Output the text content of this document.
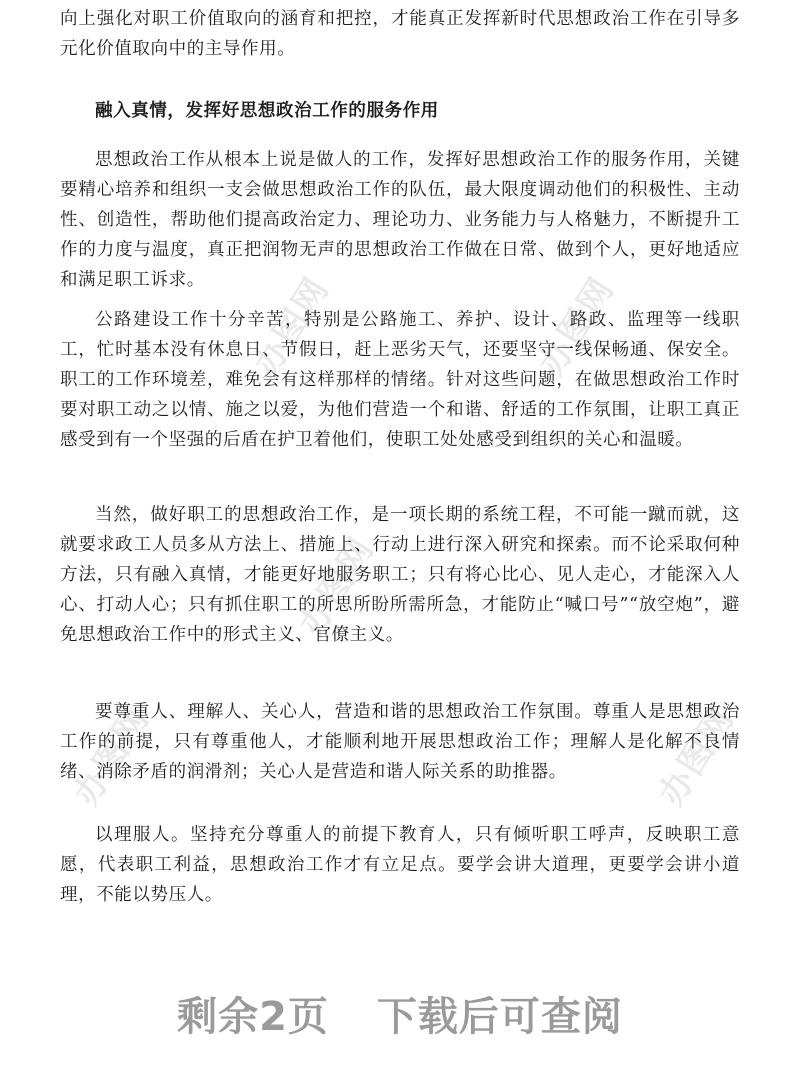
办图网	办图网
办图网
办图网	办图网

向上强化对职工价值取向的涵育和把控，才能真正发挥新时代思想政治工作在引导多元化价值取向中的主导作用。

融入真情，发挥好思想政治工作的服务作用

思想政治工作从根本上说是做人的工作，发挥好思想政治工作的服务作用，关键要精心培养和组织一支会做思想政治工作的队伍，最大限度调动他们的积极性、主动性、创造性，帮助他们提高政治定力、理论功力、业务能力与人格魅力，不断提升工作的力度与温度，真正把润物无声的思想政治工作做在日常、做到个人，更好地适应和满足职工诉求。

公路建设工作十分辛苦，特别是公路施工、养护、设计、路政、监理等一线职工，忙时基本没有休息日、节假日，赶上恶劣天气，还要坚守一线保畅通、保安全。职工的工作环境差，难免会有这样那样的情绪。针对这些问题，在做思想政治工作时要对职工动之以情、施之以爱，为他们营造一个和谐、舒适的工作氛围，让职工真正感受到有一个坚强的后盾在护卫着他们，使职工处处感受到组织的关心和温暖。

当然，做好职工的思想政治工作，是一项长期的系统工程，不可能一蹴而就，这就要求政工人员多从方法上、措施上、行动上进行深入研究和探索。而不论采取何种方法，只有融入真情，才能更好地服务职工；只有将心比心、见人走心，才能深入人心、打动人心；只有抓住职工的所思所盼所需所急，才能防止“喊口号”“放空炮”，避免思想政治工作中的形式主义、官僚主义。

要尊重人、理解人、关心人，营造和谐的思想政治工作氛围。尊重人是思想政治工作的前提，只有尊重他人，才能顺利地开展思想政治工作；理解人是化解不良情绪、消除矛盾的润滑剂；关心人是营造和谐人际关系的助推器。

以理服人。坚持充分尊重人的前提下教育人，只有倾听职工呼声，反映职工意愿，代表职工利益，思想政治工作才有立足点。要学会讲大道理，更要学会讲小道理，不能以势压人。

剩余2页 下载后可查阅
